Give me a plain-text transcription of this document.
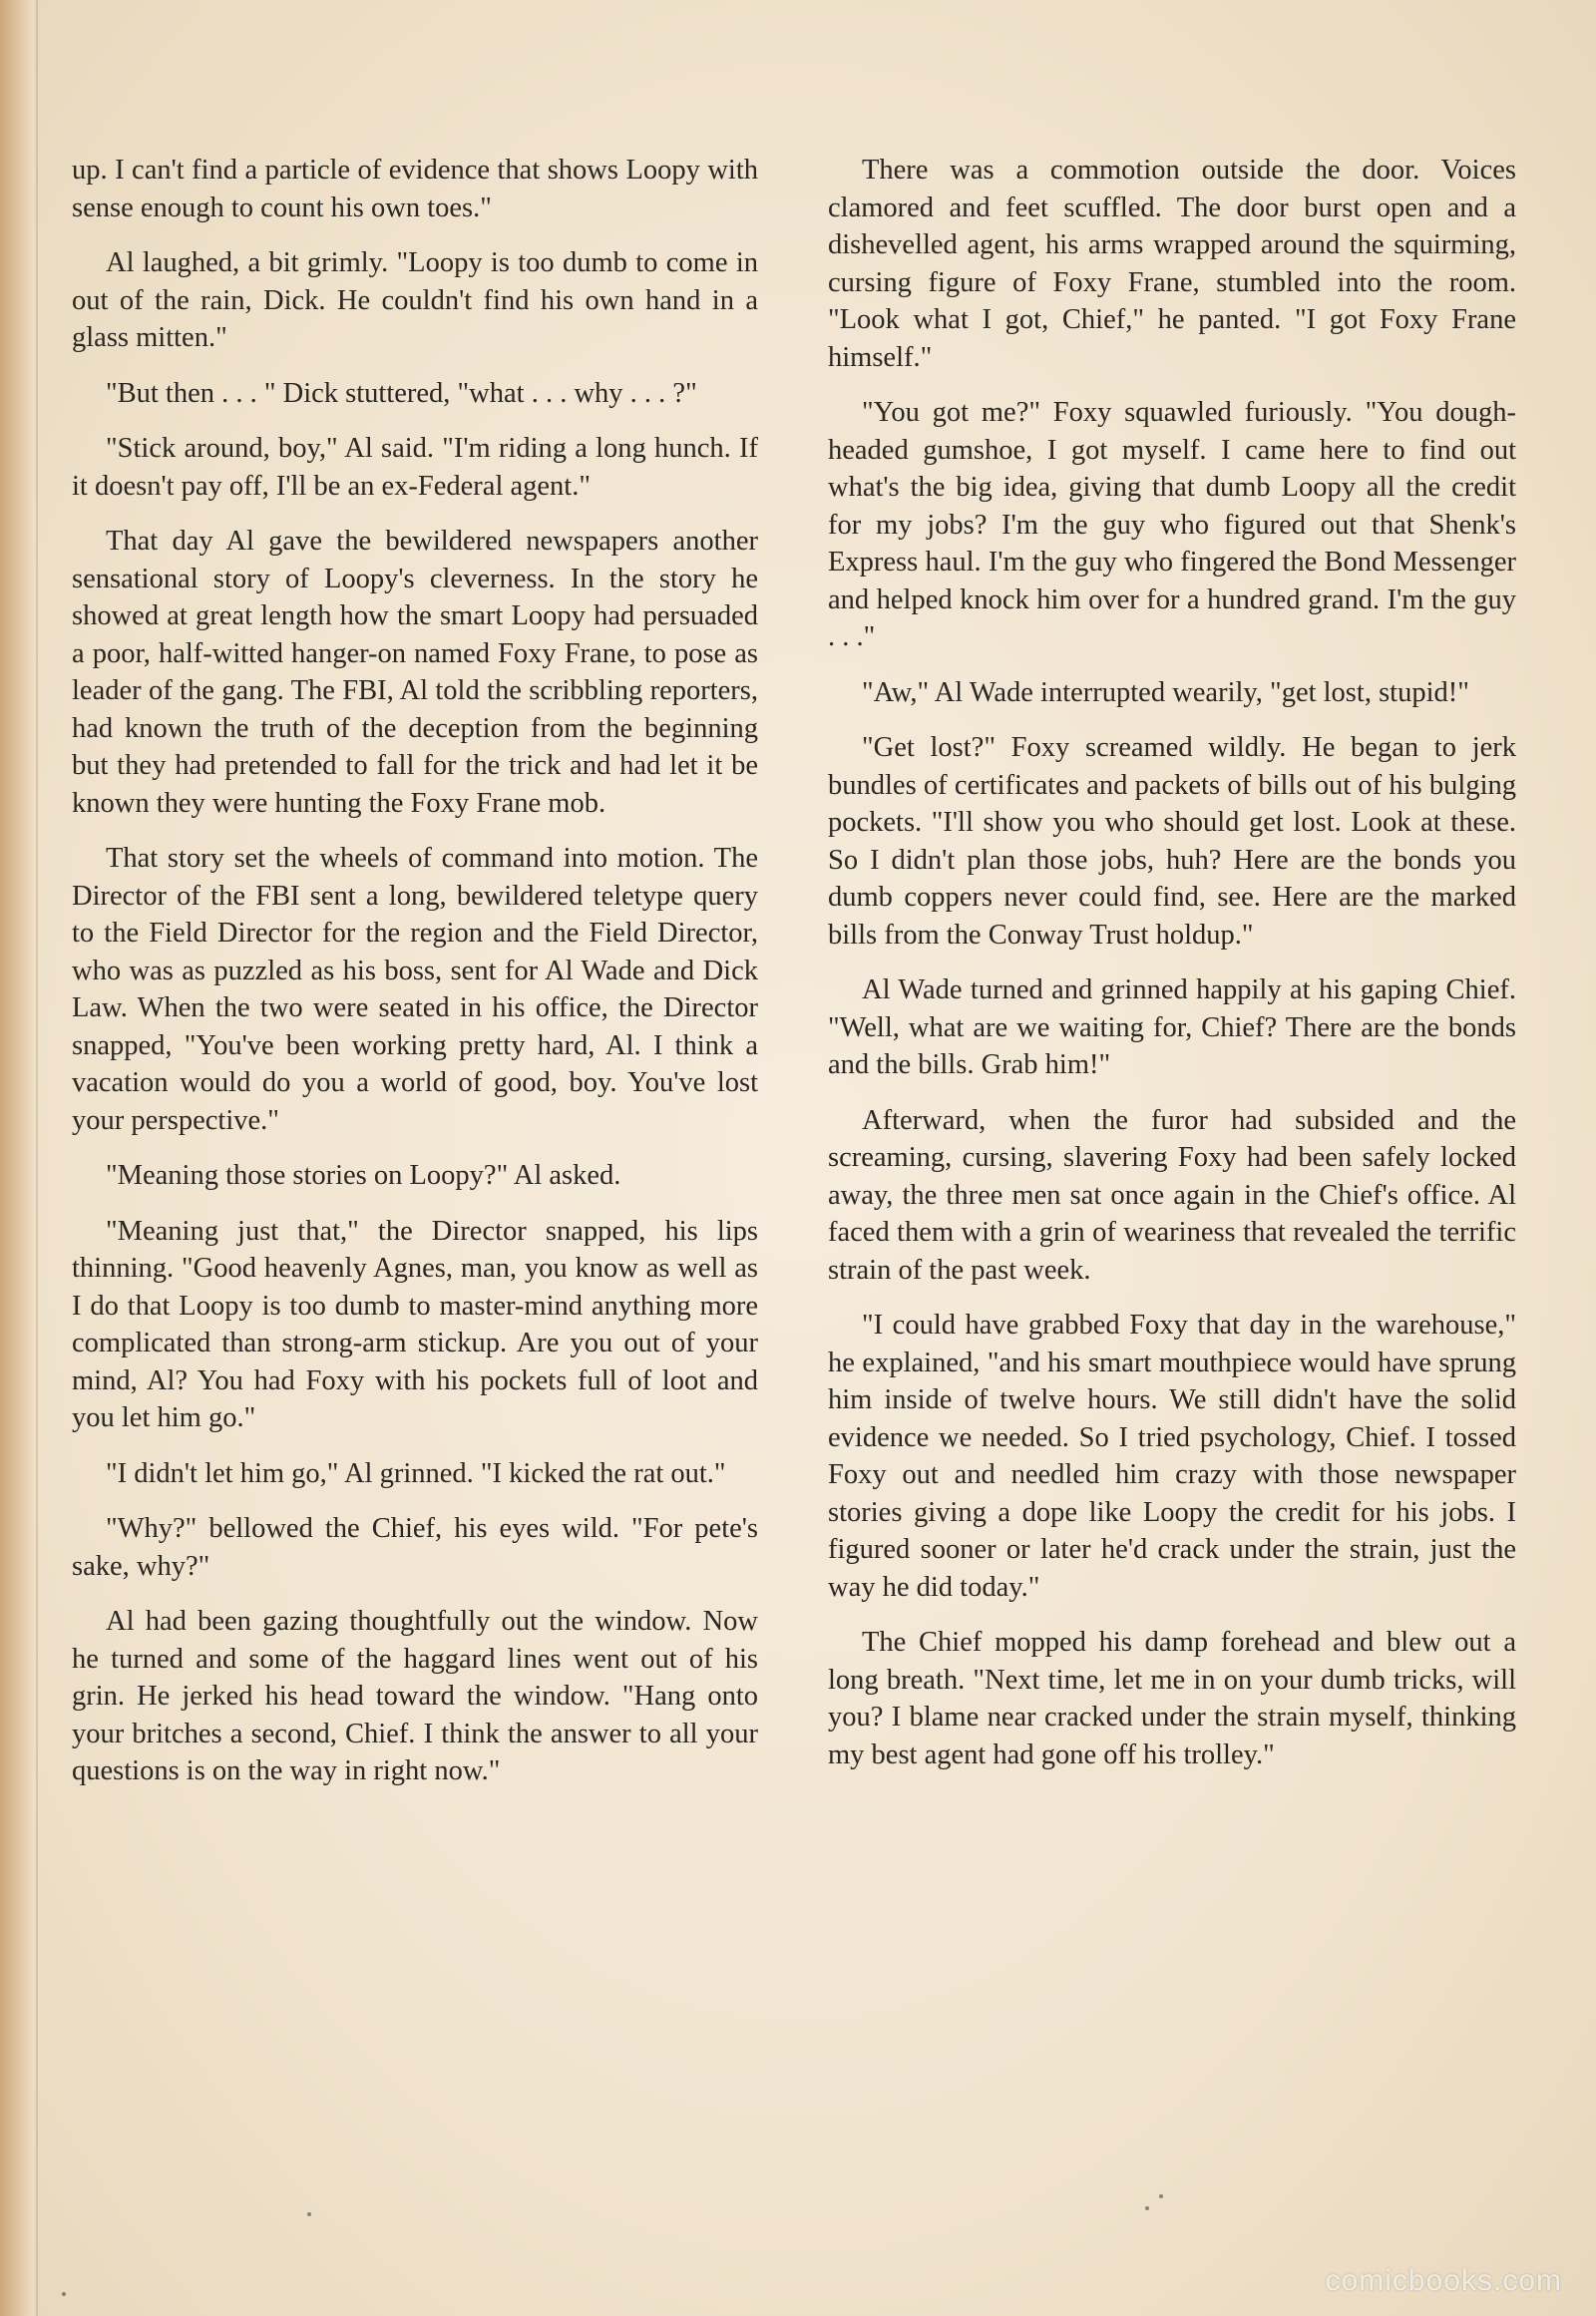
up. I can't find a particle of evidence that shows Loopy with sense enough to count his own toes."

Al laughed, a bit grimly. "Loopy is too dumb to come in out of the rain, Dick. He couldn't find his own hand in a glass mitten."

"But then . . . " Dick stuttered, "what . . . why . . . ?"

"Stick around, boy," Al said. "I'm riding a long hunch. If it doesn't pay off, I'll be an ex-Federal agent."

That day Al gave the bewildered newspapers another sensational story of Loopy's cleverness. In the story he showed at great length how the smart Loopy had persuaded a poor, half-witted hanger-on named Foxy Frane, to pose as leader of the gang. The FBI, Al told the scribbling reporters, had known the truth of the deception from the beginning but they had pretended to fall for the trick and had let it be known they were hunting the Foxy Frane mob.

That story set the wheels of command into motion. The Director of the FBI sent a long, bewildered teletype query to the Field Director for the region and the Field Director, who was as puzzled as his boss, sent for Al Wade and Dick Law. When the two were seated in his office, the Director snapped, "You've been working pretty hard, Al. I think a vacation would do you a world of good, boy. You've lost your perspective."

"Meaning those stories on Loopy?" Al asked.

"Meaning just that," the Director snapped, his lips thinning. "Good heavenly Agnes, man, you know as well as I do that Loopy is too dumb to master-mind anything more complicated than strong-arm stickup. Are you out of your mind, Al? You had Foxy with his pockets full of loot and you let him go."

"I didn't let him go," Al grinned. "I kicked the rat out."

"Why?" bellowed the Chief, his eyes wild. "For pete's sake, why?"

Al had been gazing thoughtfully out the window. Now he turned and some of the haggard lines went out of his grin. He jerked his head toward the window. "Hang onto your britches a second, Chief. I think the answer to all your questions is on the way in right now."

There was a commotion outside the door. Voices clamored and feet scuffled. The door burst open and a dishevelled agent, his arms wrapped around the squirming, cursing figure of Foxy Frane, stumbled into the room. "Look what I got, Chief," he panted. "I got Foxy Frane himself."

"You got me?" Foxy squawled furiously. "You dough-headed gumshoe, I got myself. I came here to find out what's the big idea, giving that dumb Loopy all the credit for my jobs? I'm the guy who figured out that Shenk's Express haul. I'm the guy who fingered the Bond Messenger and helped knock him over for a hundred grand. I'm the guy . . ."

"Aw," Al Wade interrupted wearily, "get lost, stupid!"

"Get lost?" Foxy screamed wildly. He began to jerk bundles of certificates and packets of bills out of his bulging pockets. "I'll show you who should get lost. Look at these. So I didn't plan those jobs, huh? Here are the bonds you dumb coppers never could find, see. Here are the marked bills from the Conway Trust holdup."

Al Wade turned and grinned happily at his gaping Chief. "Well, what are we waiting for, Chief? There are the bonds and the bills. Grab him!"

Afterward, when the furor had subsided and the screaming, cursing, slavering Foxy had been safely locked away, the three men sat once again in the Chief's office. Al faced them with a grin of weariness that revealed the terrific strain of the past week.

"I could have grabbed Foxy that day in the warehouse," he explained, "and his smart mouthpiece would have sprung him inside of twelve hours. We still didn't have the solid evidence we needed. So I tried psychology, Chief. I tossed Foxy out and needled him crazy with those newspaper stories giving a dope like Loopy the credit for his jobs. I figured sooner or later he'd crack under the strain, just the way he did today."

The Chief mopped his damp forehead and blew out a long breath. "Next time, let me in on your dumb tricks, will you? I blame near cracked under the strain myself, thinking my best agent had gone off his trolley."

comicbooks.com
